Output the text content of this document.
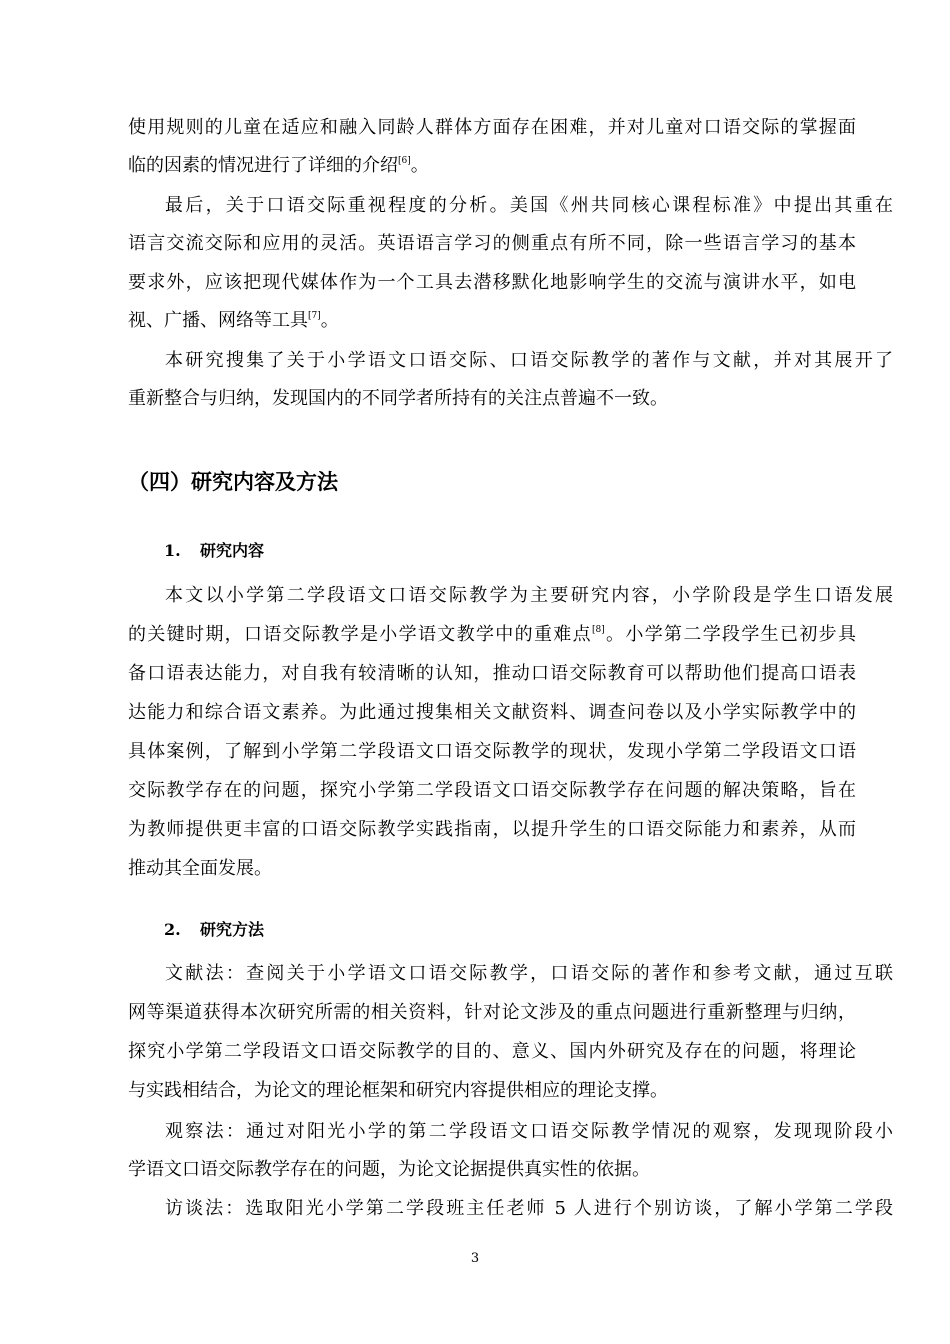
使用规则的儿童在适应和融入同龄人群体方面存在困难，并对儿童对口语交际的掌握面
临的因素的情况进行了详细的介绍[6]。
最后，关于口语交际重视程度的分析。美国《州共同核心课程标准》中提出其重在
语言交流交际和应用的灵活。英语语言学习的侧重点有所不同，除一些语言学习的基本
要求外，应该把现代媒体作为一个工具去潜移默化地影响学生的交流与演讲水平，如电
视、广播、网络等工具[7]。
本研究搜集了关于小学语文口语交际、口语交际教学的著作与文献，并对其展开了
重新整合与归纳，发现国内的不同学者所持有的关注点普遍不一致。
（四）研究内容及方法
1. 研究内容
本文以小学第二学段语文口语交际教学为主要研究内容，小学阶段是学生口语发展
的关键时期，口语交际教学是小学语文教学中的重难点[8]。小学第二学段学生已初步具
备口语表达能力，对自我有较清晰的认知，推动口语交际教育可以帮助他们提高口语表
达能力和综合语文素养。为此通过搜集相关文献资料、调查问卷以及小学实际教学中的
具体案例，了解到小学第二学段语文口语交际教学的现状，发现小学第二学段语文口语
交际教学存在的问题，探究小学第二学段语文口语交际教学存在问题的解决策略，旨在
为教师提供更丰富的口语交际教学实践指南，以提升学生的口语交际能力和素养，从而
推动其全面发展。
2. 研究方法
文献法：查阅关于小学语文口语交际教学，口语交际的著作和参考文献，通过互联
网等渠道获得本次研究所需的相关资料，针对论文涉及的重点问题进行重新整理与归纳，
探究小学第二学段语文口语交际教学的目的、意义、国内外研究及存在的问题，将理论
与实践相结合，为论文的理论框架和研究内容提供相应的理论支撑。
观察法：通过对阳光小学的第二学段语文口语交际教学情况的观察，发现现阶段小
学语文口语交际教学存在的问题，为论文论据提供真实性的依据。
访谈法：选取阳光小学第二学段班主任老师 5 人进行个别访谈，了解小学第二学段
3
